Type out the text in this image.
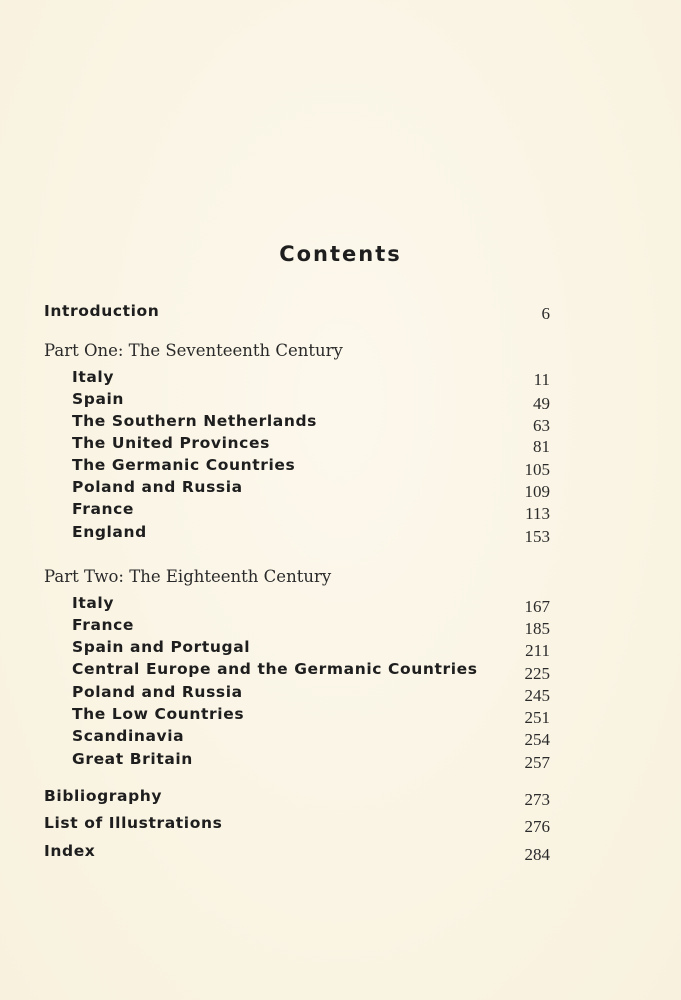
Contents
Introduction	6
Part One: The Seventeenth Century
Italy	11
Spain	49
The Southern Netherlands	63
The United Provinces	81
The Germanic Countries	105
Poland and Russia	109
France	113
England	153
Part Two: The Eighteenth Century
Italy	167
France	185
Spain and Portugal	211
Central Europe and the Germanic Countries	225
Poland and Russia	245
The Low Countries	251
Scandinavia	254
Great Britain	257
Bibliography	273
List of Illustrations	276
Index	284
